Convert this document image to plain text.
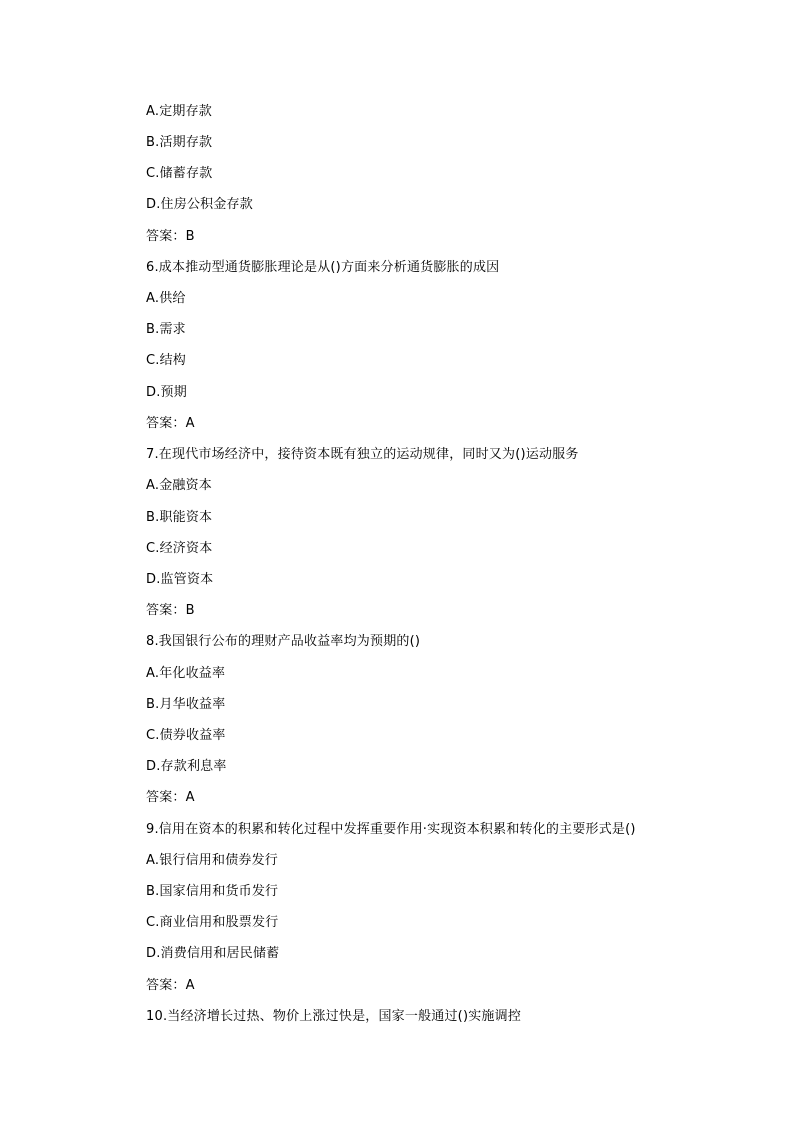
A.定期存款
B.活期存款
C.储蓄存款
D.住房公积金存款
答案：B
6.成本推动型通货膨胀理论是从()方面来分析通货膨胀的成因
A.供给
B.需求
C.结构
D.预期
答案：A
7.在现代市场经济中，接待资本既有独立的运动规律，同时又为()运动服务
A.金融资本
B.职能资本
C.经济资本
D.监管资本
答案：B
8.我国银行公布的理财产品收益率均为预期的()
A.年化收益率
B.月华收益率
C.债券收益率
D.存款利息率
答案：A
9.信用在资本的积累和转化过程中发挥重要作用·实现资本积累和转化的主要形式是()
A.银行信用和债券发行
B.国家信用和货币发行
C.商业信用和股票发行
D.消费信用和居民储蓄
答案：A
10.当经济增长过热、物价上涨过快是，国家一般通过()实施调控
